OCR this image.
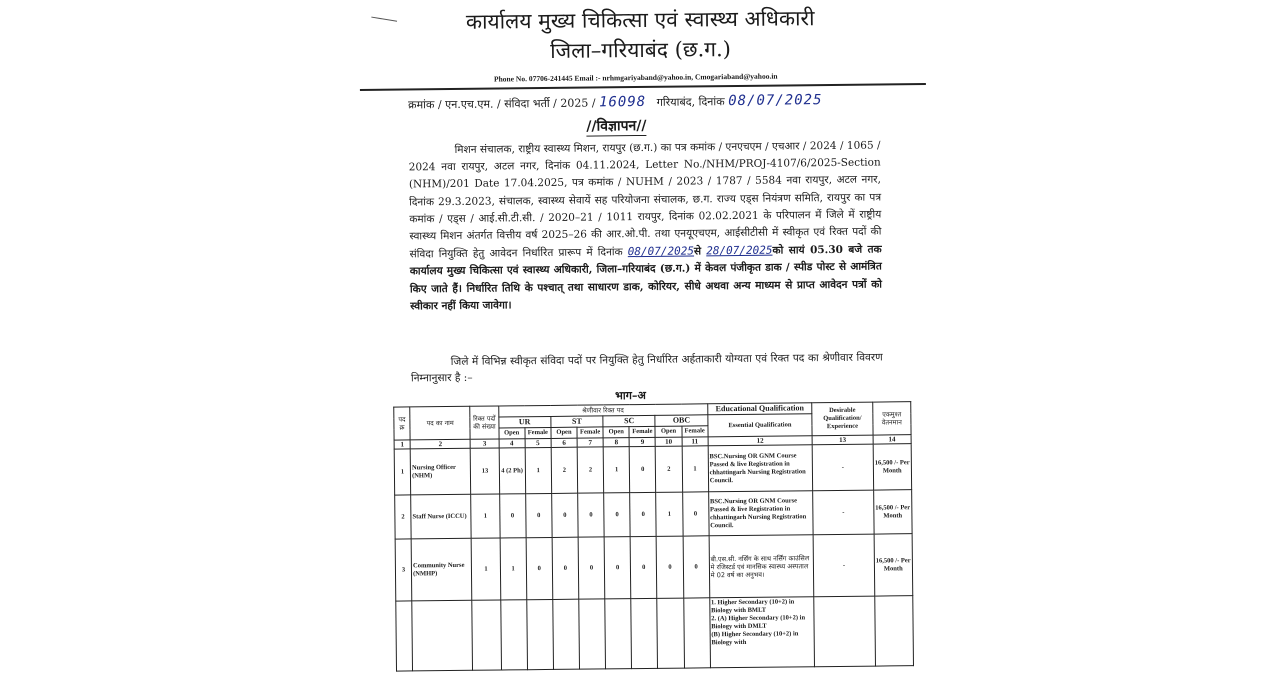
कार्यालय मुख्य चिकित्सा एवं स्वास्थ्य अधिकारी
जिला–गरियाबंद (छ.ग.)
Phone No. 07706-241445 Email :- nrhmgariyaband@yahoo.in, Cmogariaband@yahoo.in
क्रमांक / एन.एच.एम. / संविदा भर्ती / 2025 / 16098 गरियाबंद, दिनांक 08/07/2025
//विज्ञापन//

मिशन संचालक, राष्ट्रीय स्वास्थ्य मिशन, रायपुर (छ.ग.) का पत्र कमांक / एनएचएम / एचआर / 2024 / 1065 / 2024 नवा रायपुर, अटल नगर, दिनांक 04.11.2024, Letter No./NHM/PROJ-4107/6/2025-Section (NHM)/201 Date 17.04.2025, पत्र कमांक / NUHM / 2023 / 1787 / 5584 नवा रायपुर, अटल नगर, दिनांक 29.3.2023, संचालक, स्वास्थ्य सेवायें सह परियोजना संचालक, छ.ग. राज्य एड्स नियंत्रण समिति, रायपुर का पत्र कमांक / एड्स / आई.सी.टी.सी. / 2020–21 / 1011 रायपुर, दिनांक 02.02.2021 के परिपालन में जिले में राष्ट्रीय स्वास्थ्य मिशन अंतर्गत वित्तीय वर्ष 2025–26 की आर.ओ.पी. तथा एनयूएचएम, आईसीटीसी में स्वीकृत एवं रिक्त पदों की संविदा नियुक्ति हेतु आवेदन निर्धारित प्रारूप में दिनांक 08/07/2025से 28/07/2025को सायं 05.30 बजे तक कार्यालय मुख्य चिकित्सा एवं स्वास्थ्य अधिकारी, जिला–गरियाबंद (छ.ग.) में केवल पंजीकृत डाक / स्पीड पोस्ट से आमंत्रित किए जाते हैं। निर्धारित तिथि के पश्चात् तथा साधारण डाक, कोरियर, सीधे अथवा अन्य माध्यम से प्राप्त आवेदन पत्रों को स्वीकार नहीं किया जावेगा।

जिले में विभिन्न स्वीकृत संविदा पदों पर नियुक्ति हेतु निर्धारित अर्हताकारी योग्यता एवं रिक्त पद का श्रेणीवार विवरण निम्नानुसार है :–

भाग–अ
पद क्र	पद का नाम	रिक्त पदों की संख्या	श्रेणीवार रिक्त पद								Educational Qualification	Desirable Qualification/ Experience	एकमुश्त वेतनमान
			UR		ST		SC		OBC		Essential Qualification		
			Open	Female	Open	Female	Open	Female	Open	Female			
1	2	3	4	5	6	7	8	9	10	11	12	13	14
1	Nursing Officer (NHM)	13	4 (2 Ph)	1	2	2	1	0	2	1	BSC.Nursing OR GNM Course Passed & live Registration in chhattingarh Nursing Registration Council.	-	16,500 /- Per Month
2	Staff Nurse (ICCU)	1	0	0	0	0	0	0	1	0	BSC.Nursing OR GNM Course Passed & live Registration in chhattingarh Nursing Registration Council.	-	16,500 /- Per Month
3	Community Nurse (NMHP)	1	1	0	0	0	0	0	0	0	बी.एस.सी. नर्सिंग के साथ नर्सिंग काउंसिल मे रजिस्टर्ड एवं मानसिक स्वास्थ्य अस्पताल मे 02 वर्ष का अनुभव।	-	16,500 /- Per Month

											1. Higher Secondary (10+2) in Biology with BMLT
2. (A) Higher Secondary (10+2) in Biology with DMLT
(B) Higher Secondary (10+2) in Biology with		
